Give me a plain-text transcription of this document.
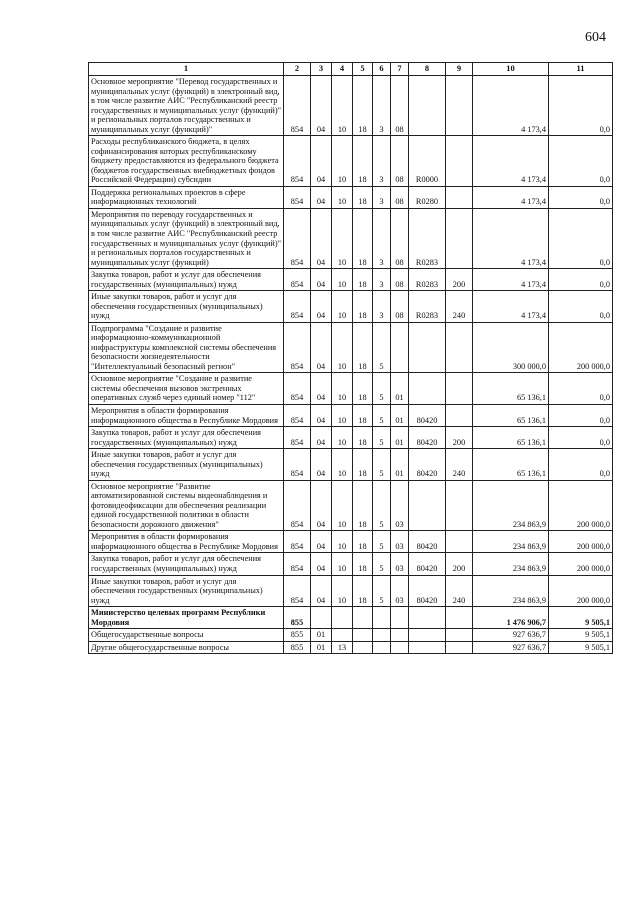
604
1	2	3	4	5	6	7	8	9	10	11
Основное мероприятие "Перевод государственных и муниципальных услуг (функций) в электронный вид, в том числе развитие АИС "Республиканский реестр государственных и муниципальных услуг (функций)" и региональных порталов государственных и муниципальных услуг (функций)"	854	04	10	18	3	08			4 173,4	0,0
Расходы республиканского бюджета, в целях софинансирования которых республиканскому бюджету предоставляются из федерального бюджета (бюджетов государственных внебюджетных фондов Российской Федерации) субсидии	854	04	10	18	3	08	R0000		4 173,4	0,0
Поддержка региональных проектов в сфере информационных технологий	854	04	10	18	3	08	R0280		4 173,4	0,0
Мероприятия по переводу государственных и муниципальных услуг (функций) в электронный вид, в том числе развитие АИС "Республиканский реестр государственных и муниципальных услуг (функций)" и региональных порталов государственных и муниципальных услуг (функций)	854	04	10	18	3	08	R0283		4 173,4	0,0
Закупка товаров, работ и услуг для обеспечения государственных (муниципальных) нужд	854	04	10	18	3	08	R0283	200	4 173,4	0,0
Иные закупки товаров, работ и услуг для обеспечения государственных (муниципальных) нужд	854	04	10	18	3	08	R0283	240	4 173,4	0,0
Подпрограмма "Создание и развитие информационно-коммуникационной инфраструктуры комплексной системы обеспечения безопасности жизнедеятельности "Интеллектуальный безопасный регион"	854	04	10	18	5				300 000,0	200 000,0
Основное мероприятие "Создание и развитие системы обеспечения вызовов экстренных оперативных служб через единый номер "112"	854	04	10	18	5	01			65 136,1	0,0
Мероприятия в области формирования информационного общества в Республике Мордовия	854	04	10	18	5	01	80420		65 136,1	0,0
Закупка товаров, работ и услуг для обеспечения государственных (муниципальных) нужд	854	04	10	18	5	01	80420	200	65 136,1	0,0
Иные закупки товаров, работ и услуг для обеспечения государственных (муниципальных) нужд	854	04	10	18	5	01	80420	240	65 136,1	0,0
Основное мероприятие "Развитие автоматизированной системы видеонаблюдения и фотовидеофиксации для обеспечения реализации единой государственной политики в области безопасности дорожного движения"	854	04	10	18	5	03			234 863,9	200 000,0
Мероприятия в области формирования информационного общества в Республике Мордовия	854	04	10	18	5	03	80420		234 863,9	200 000,0
Закупка товаров, работ и услуг для обеспечения государственных (муниципальных) нужд	854	04	10	18	5	03	80420	200	234 863,9	200 000,0
Иные закупки товаров, работ и услуг для обеспечения государственных (муниципальных) нужд	854	04	10	18	5	03	80420	240	234 863,9	200 000,0
Министерство целевых программ Республики Мордовия	855								1 476 906,7	9 505,1
Общегосударственные вопросы	855	01							927 636,7	9 505,1
Другие общегосударственные вопросы	855	01	13						927 636,7	9 505,1
